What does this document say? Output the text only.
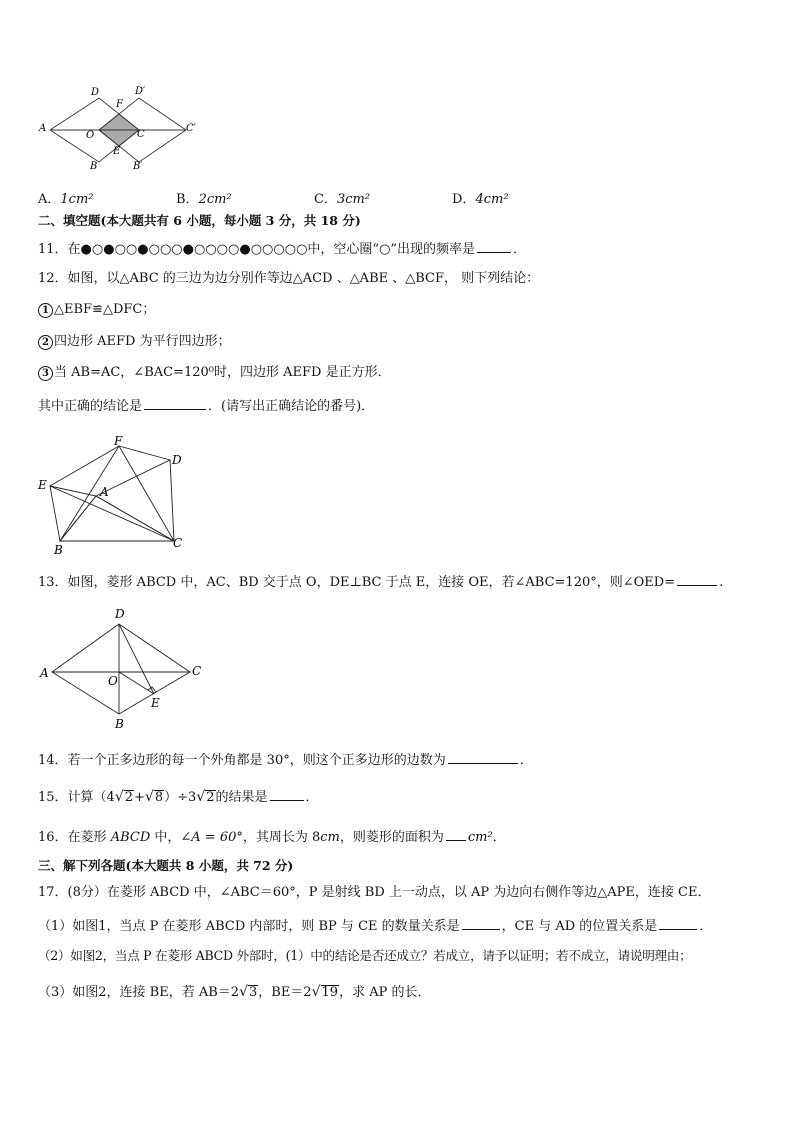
A
D
F
D′
O	C
C′
E
B	B′
A．1cm²	B．2cm²	C．3cm²	D．4cm²
二、填空题(本大题共有 6 小题，每小题 3 分，共 18 分)
11．在●○●○○●○○○●○○○○●○○○○○中，空心圈“○”出现的频率是	．
12．如图，以△ABC 的三边为边分别作等边△ACD 、△ABE 、△BCF， 则下列结论：
1 △EBF≌△DFC；
2 四边形 AEFD 为平行四边形；
3 当 AB=AC，∠BAC=120⁰时，四边形 AEFD 是正方形．
其中正确的结论是	．(请写出正确结论的番号)．
F
D
E	A
B	C
13．如图，菱形 ABCD 中，AC、BD 交于点 O，DE⊥BC 于点 E，连接 OE，若∠ABC=120°，则∠OED=	.
D
A
O
C
E
B
14．若一个正多边形的每一个外角都是 30°，则这个正多边形的边数为	．
15．计算（4√2+√8）÷3√2的结果是	．
16．在菱形 ABCD 中，∠A = 60°，其周长为 8cm，则菱形的面积为 cm²．
三、解下列各题(本大题共 8 小题，共 72 分)
17．(8分）在菱形 ABCD 中，∠ABC＝60°，P 是射线 BD 上一动点，以 AP 为边向右侧作等边△APE，连接 CE．
（1）如图1，当点 P 在菱形 ABCD 内部时，则 BP 与 CE 的数量关系是	，CE 与 AD 的位置关系是	．
（2）如图2，当点 P 在菱形 ABCD 外部时，(1）中的结论是否还成立？若成立，请予以证明；若不成立，请说明理由；
（3）如图2，连接 BE，若 AB＝2√3，BE＝2√19，求 AP 的长．
